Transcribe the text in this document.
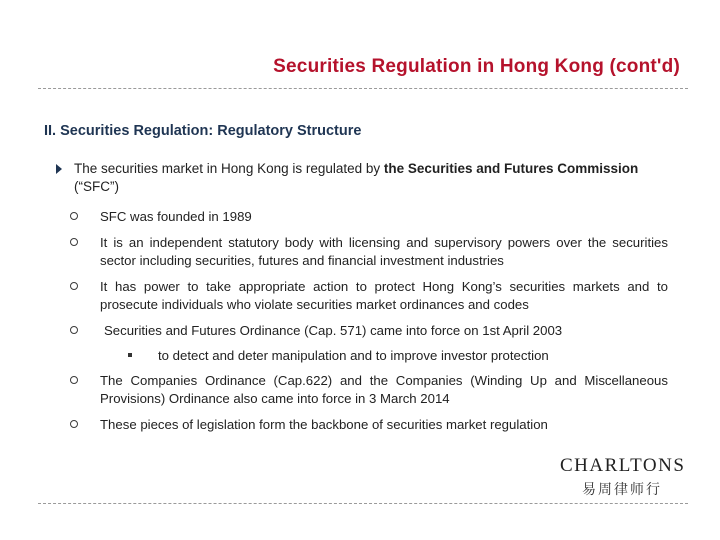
Securities Regulation in Hong Kong (cont'd)
II. Securities Regulation: Regulatory Structure
The securities market in Hong Kong is regulated by the Securities and Futures Commission
(“SFC”)
SFC was founded in 1989
It is an independent statutory body with licensing and supervisory powers over the securities sector including securities, futures and financial investment industries
It has power to take appropriate action to protect Hong Kong’s securities markets and to prosecute individuals who violate securities market ordinances and codes
Securities and Futures Ordinance (Cap. 571) came into force on 1st April 2003
to detect and deter manipulation and to improve investor protection
The Companies Ordinance (Cap.622) and the Companies (Winding Up and Miscellaneous Provisions) Ordinance also came into force in 3 March 2014
These pieces of legislation form the backbone of securities market regulation
CHARLTONS
易周律师行
